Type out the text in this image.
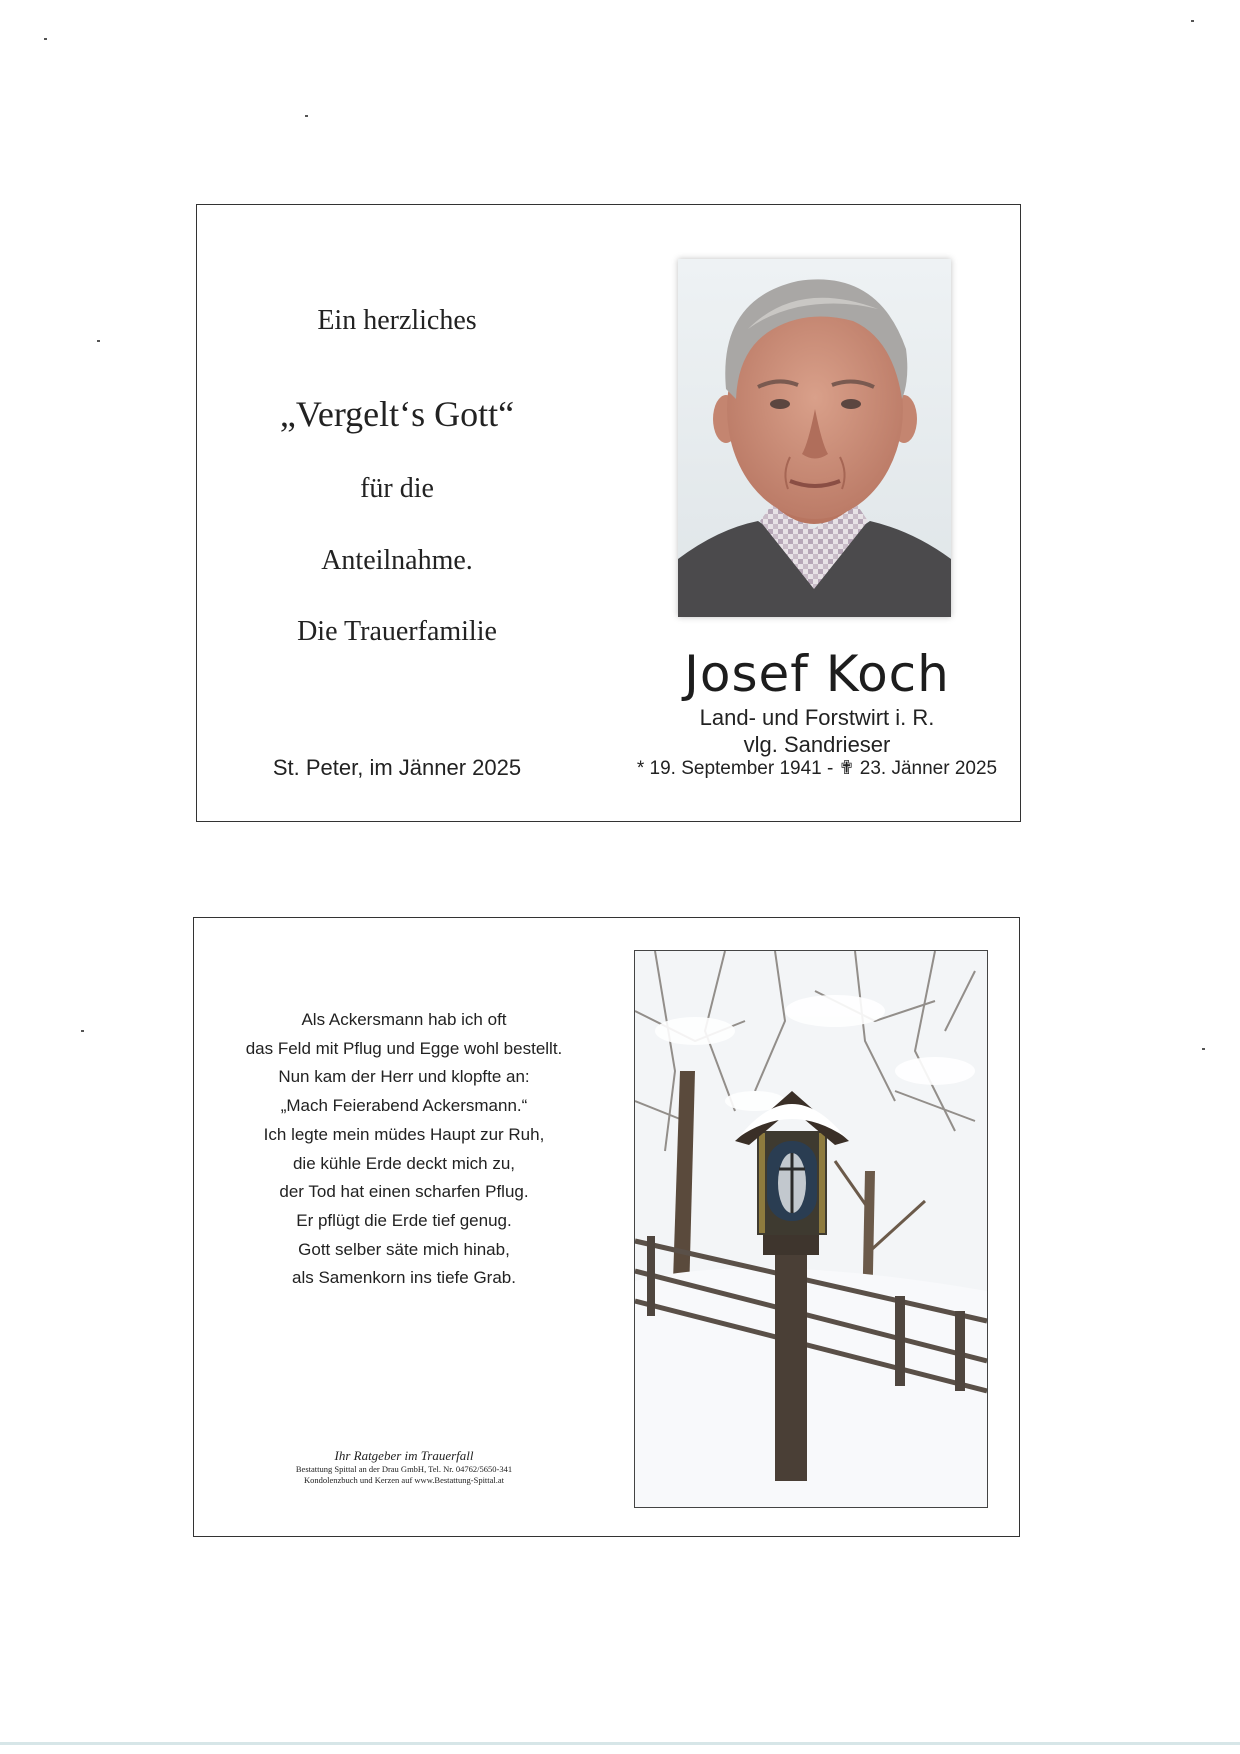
Ein herzliches
„Vergelt‘s Gott“
für die
Anteilnahme.
Die Trauerfamilie
St. Peter, im Jänner 2025
Josef Koch
Land- und Forstwirt i. R.
vlg. Sandrieser
* 19. September 1941 - ✟ 23. Jänner 2025
Als Ackersmann hab ich oft
das Feld mit Pflug und Egge wohl bestellt.
Nun kam der Herr und klopfte an:
„Mach Feierabend Ackersmann.“
Ich legte mein müdes Haupt zur Ruh,
die kühle Erde deckt mich zu,
der Tod hat einen scharfen Pflug.
Er pflügt die Erde tief genug.
Gott selber säte mich hinab,
als Samenkorn ins tiefe Grab.
Ihr Ratgeber im Trauerfall
Bestattung Spittal an der Drau GmbH, Tel. Nr. 04762/5650-341
Kondolenzbuch und Kerzen auf www.Bestattung-Spittal.at
